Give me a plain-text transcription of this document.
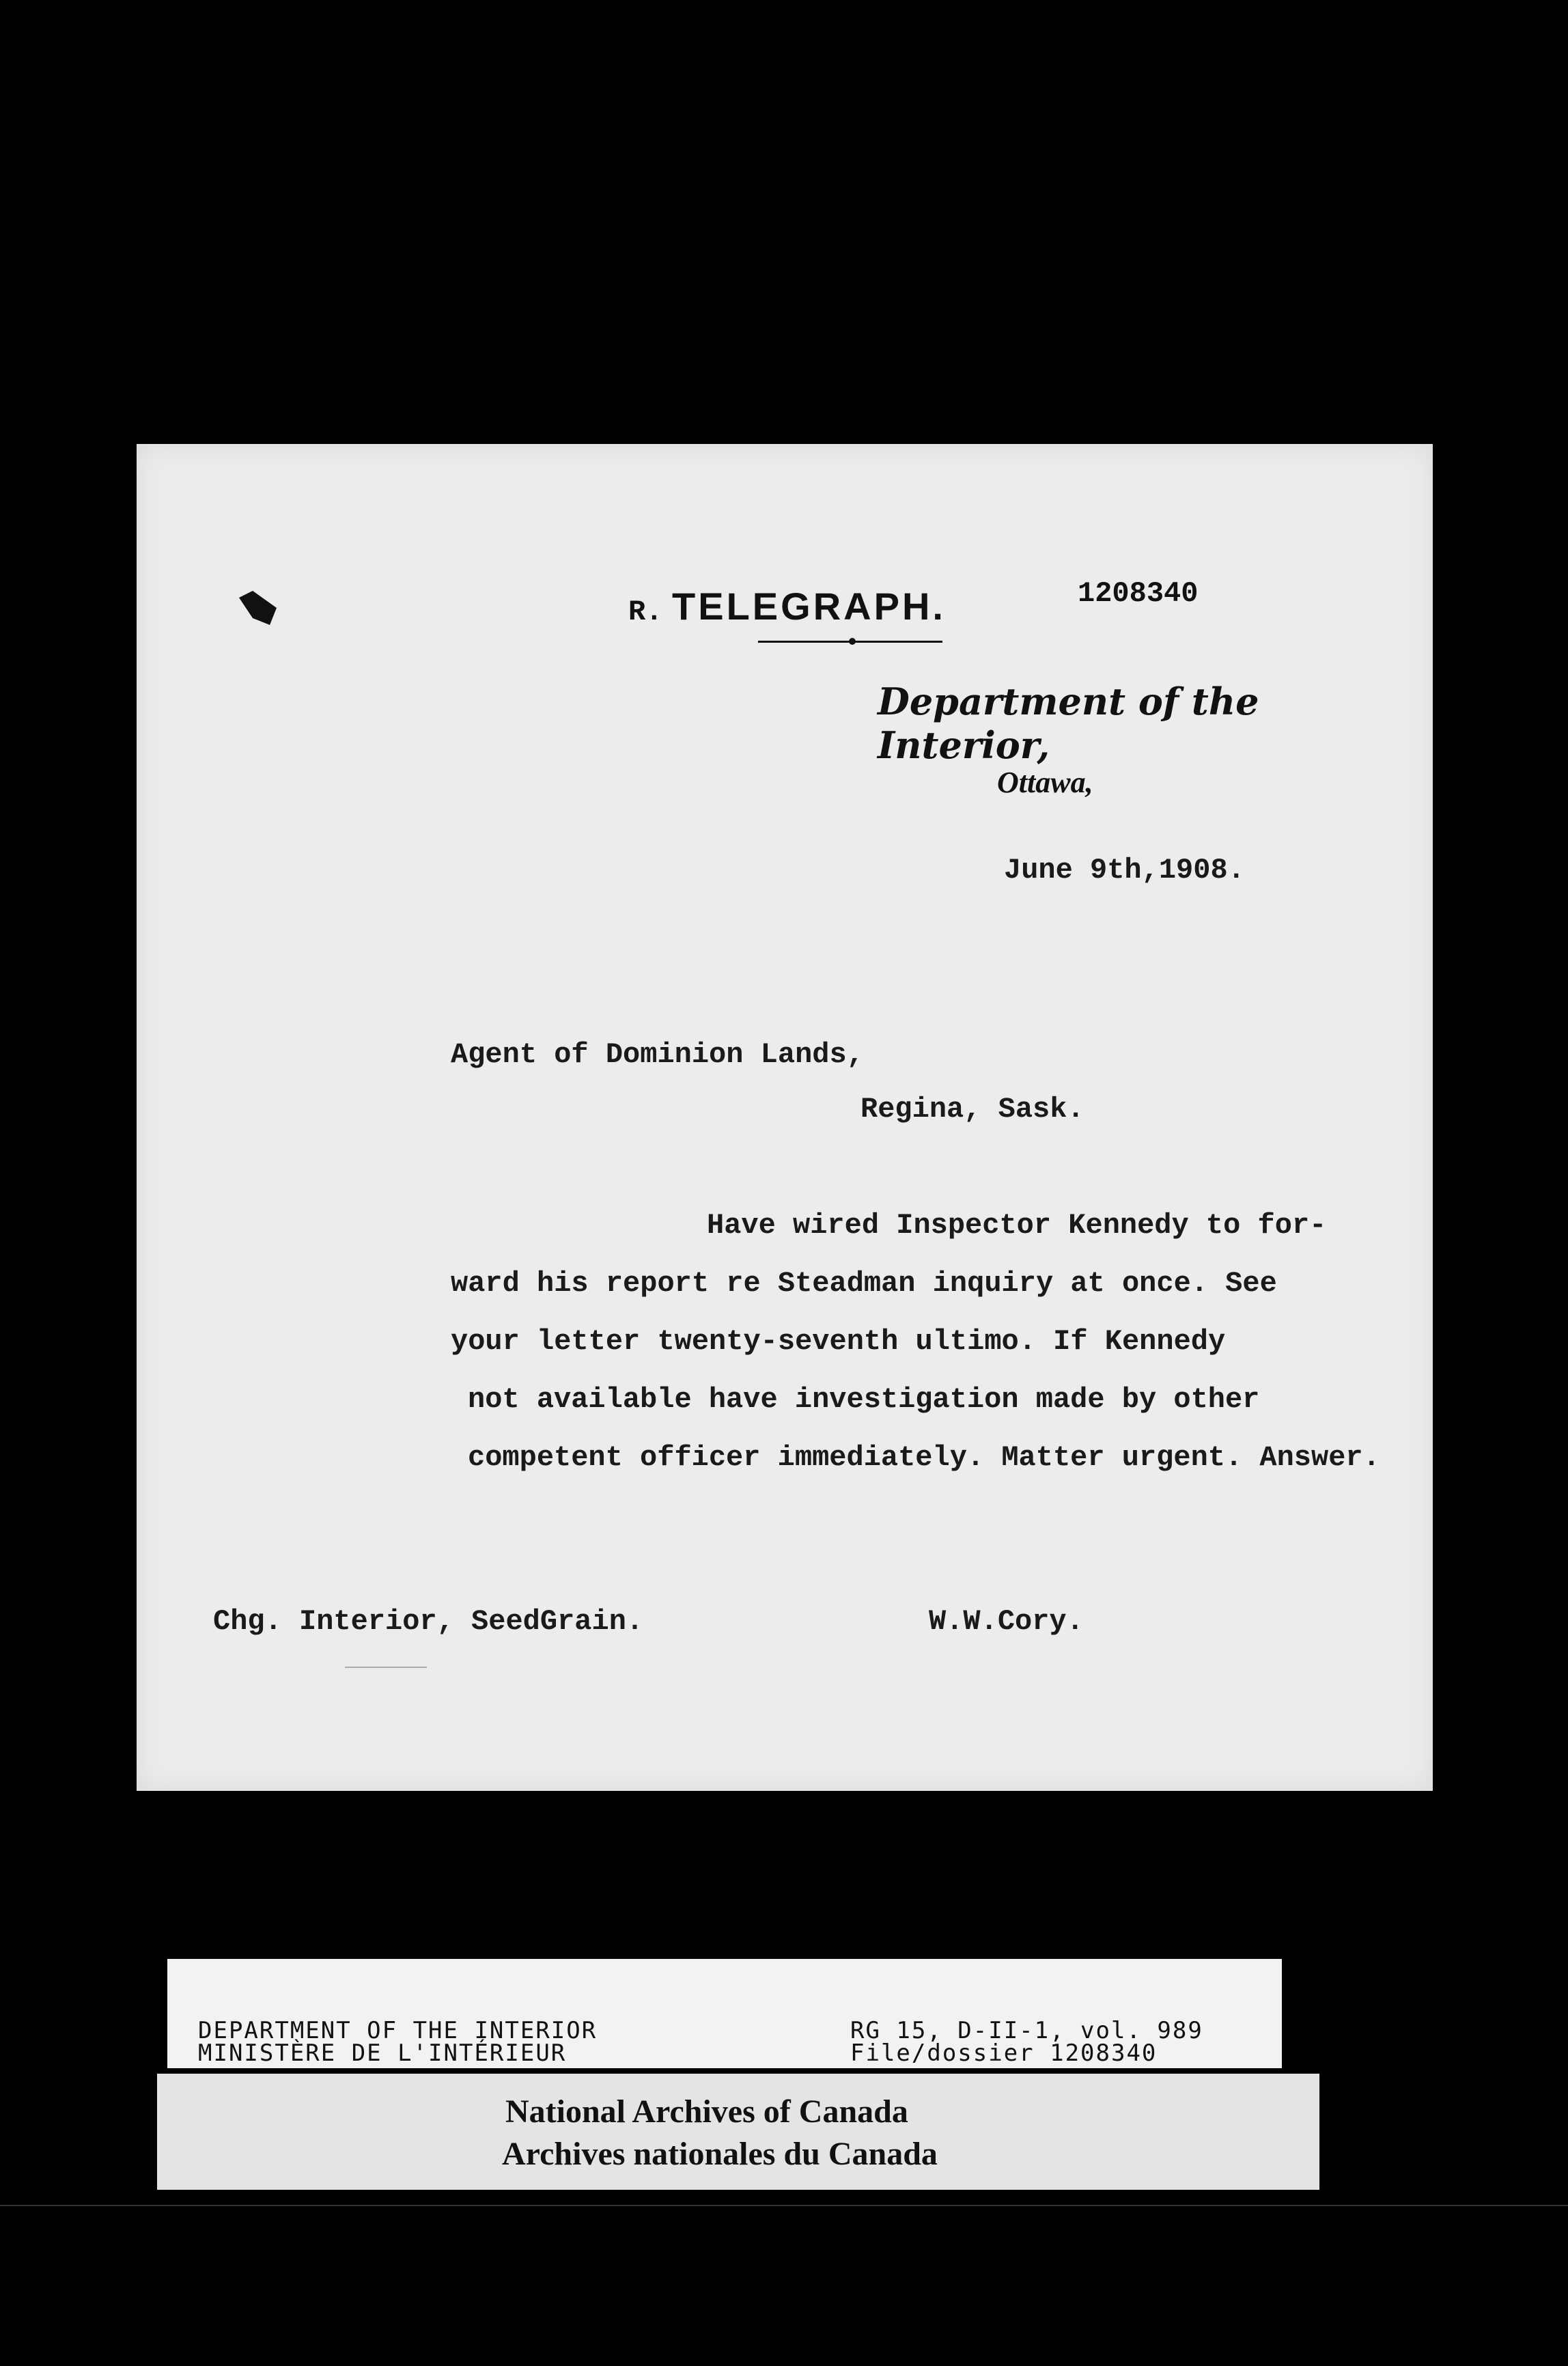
R. TELEGRAPH.	1208340
Department of the Interior,
Ottawa,
June 9th,1908.
Agent of Dominion Lands,
Regina, Sask.
Have wired Inspector Kennedy to for-
ward his report re Steadman inquiry at once. See
your letter twenty-seventh ultimo. If Kennedy
not available have investigation made by other
competent officer immediately. Matter urgent. Answer.
Chg. Interior, SeedGrain.	W.W.Cory.
DEPARTMENT OF THE INTERIOR
MINISTÈRE DE L'INTÉRIEUR
RG 15, D-II-1, vol. 989
File/dossier 1208340
National Archives of Canada
Archives nationales du Canada
